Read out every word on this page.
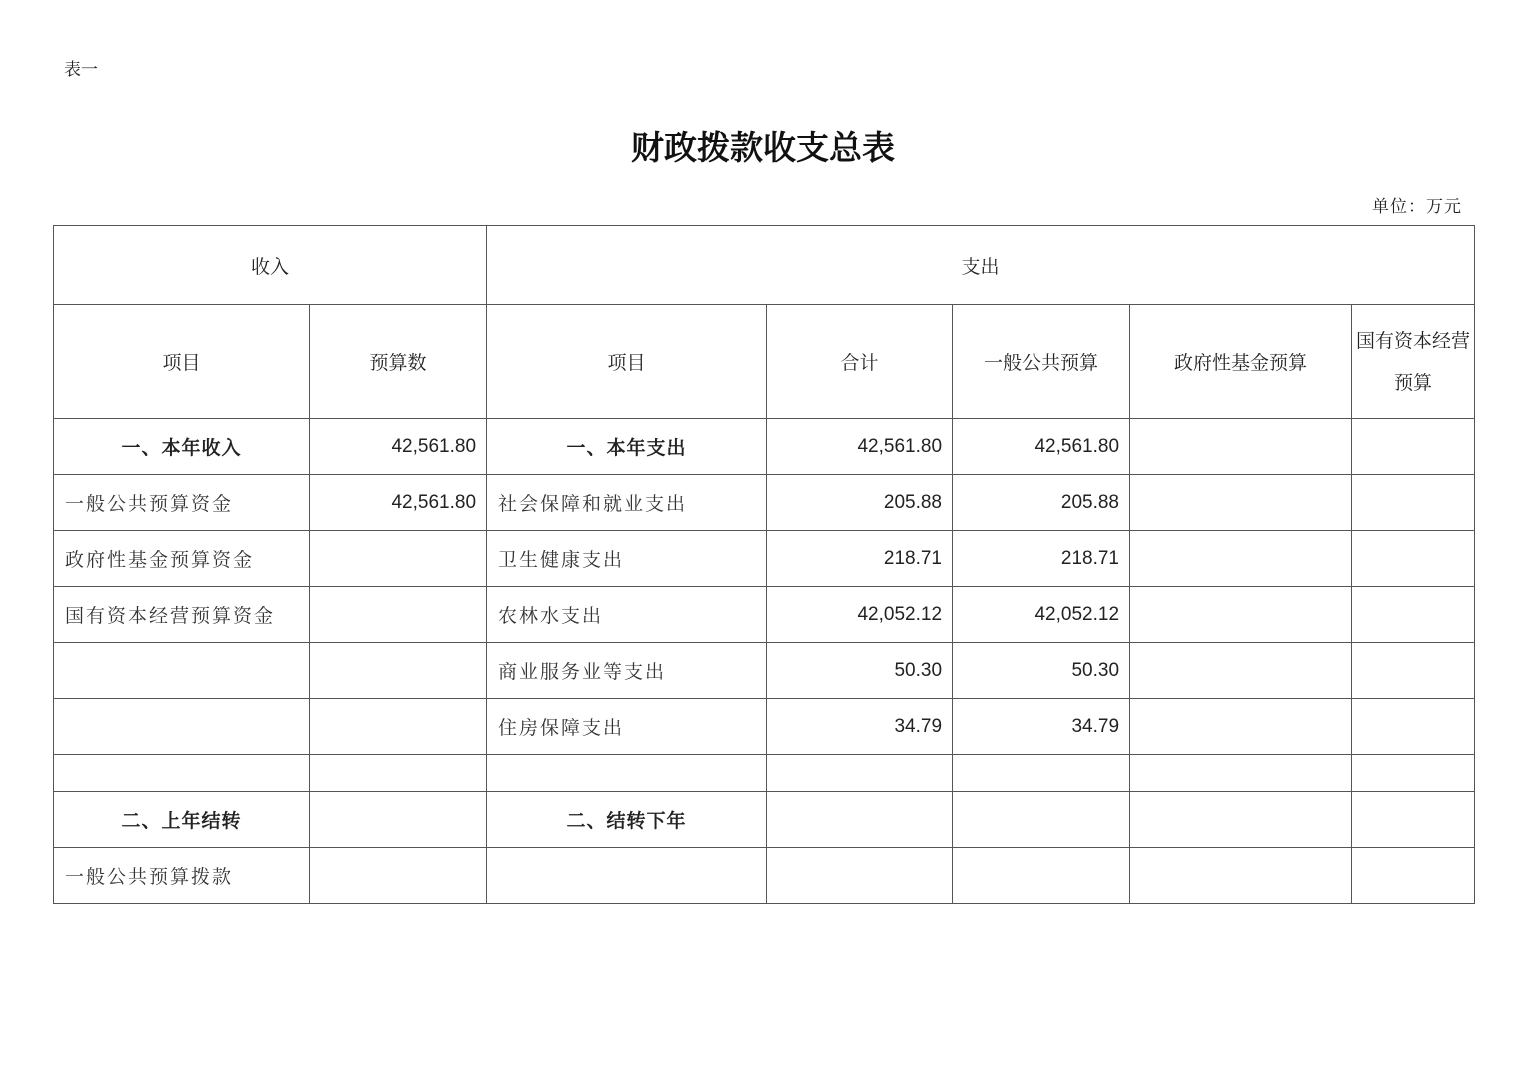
表一
财政拨款收支总表
单位：万元
收入		支出				
项目	预算数	项目	合计	一般公共预算	政府性基金预算	国有资本经营预算
一、本年收入	42,561.80	一、本年支出	42,561.80	42,561.80		
一般公共预算资金	42,561.80	社会保障和就业支出	205.88	205.88		
政府性基金预算资金		卫生健康支出	218.71	218.71		
国有资本经营预算资金		农林水支出	42,052.12	42,052.12		
		商业服务业等支出	50.30	50.30		
		住房保障支出	34.79	34.79		

二、上年结转		二、结转下年				
一般公共预算拨款						
